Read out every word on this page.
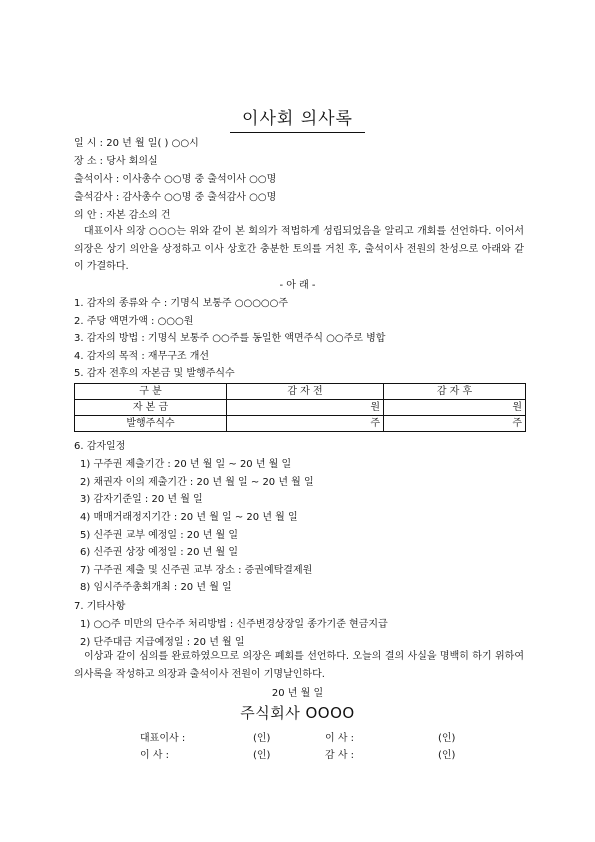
이사회 의사록
일 시 : 20 년 월 일( ) ○○시
장 소 : 당사 회의실
출석이사 : 이사총수 ○○명 중 출석이사 ○○명
출석감사 : 감사총수 ○○명 중 출석감사 ○○명
의 안 : 자본 감소의 건
대표이사 의장 ○○○는 위와 같이 본 회의가 적법하게 성립되었음을 알리고 개회를 선언하다. 이어서 의장은 상기 의안을 상정하고 이사 상호간 충분한 토의를 거친 후, 출석이사 전원의 찬성으로 아래와 같이 가결하다.
- 아 래 -
1. 감자의 종류와 수 : 기명식 보통주 ○○○○○주
2. 주당 액면가액 : ○○○원
3. 감자의 방법 : 기명식 보통주 ○○주를 동일한 액면주식 ○○주로 병합
4. 감자의 목적 : 재무구조 개선
5. 감자 전후의 자본금 및 발행주식수
구 분	감 자 전	감 자 후
자 본 금	원	원
발행주식수	주	주
6. 감자일정
1) 구주권 제출기간 : 20 년 월 일 ~ 20 년 월 일
2) 채권자 이의 제출기간 : 20 년 월 일 ~ 20 년 월 일
3) 감자기준일 : 20 년 월 일
4) 매매거래정지기간 : 20 년 월 일 ~ 20 년 월 일
5) 신주권 교부 예정일 : 20 년 월 일
6) 신주권 상장 예정일 : 20 년 월 일
7) 구주권 제출 및 신주권 교부 장소 : 증권예탁결제원
8) 임시주주총회개최 : 20 년 월 일
7. 기타사항
1) ○○주 미만의 단수주 처리방법 : 신주변경상장일 종가기준 현금지급
2) 단주대금 지급예정일 : 20 년 월 일
이상과 같이 심의를 완료하였으므로 의장은 폐회를 선언하다. 오늘의 결의 사실을 명백히 하기 위하여 의사록을 작성하고 의장과 출석이사 전원이 기명날인하다.
20 년 월 일
주식회사 OOOO
대표이사 :	(인)	이 사 :	(인)
이 사 :	(인)	감 사 :	(인)
